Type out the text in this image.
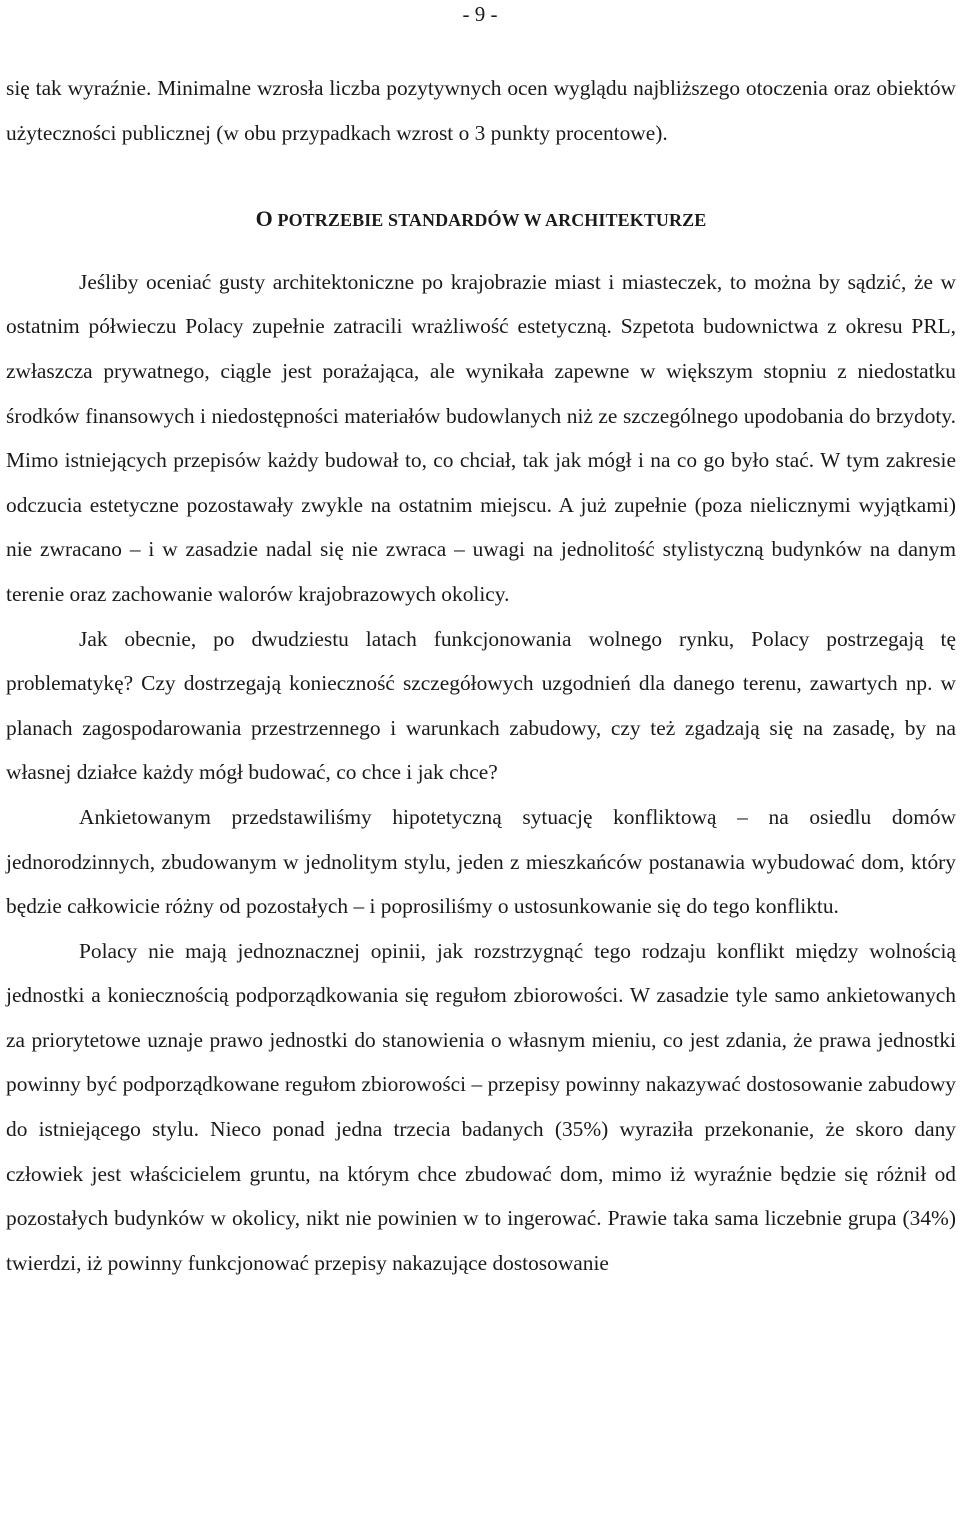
- 9 -

się tak wyraźnie. Minimalne wzrosła liczba pozytywnych ocen wyglądu najbliższego otoczenia oraz obiektów użyteczności publicznej (w obu przypadkach wzrost o 3 punkty procentowe).

O POTRZEBIE STANDARDÓW W ARCHITEKTURZE

Jeśliby oceniać gusty architektoniczne po krajobrazie miast i miasteczek, to można by sądzić, że w ostatnim półwieczu Polacy zupełnie zatracili wrażliwość estetyczną. Szpetota budownictwa z okresu PRL, zwłaszcza prywatnego, ciągle jest porażająca, ale wynikała zapewne w większym stopniu z niedostatku środków finansowych i niedostępności materiałów budowlanych niż ze szczególnego upodobania do brzydoty. Mimo istniejących przepisów każdy budował to, co chciał, tak jak mógł i na co go było stać. W tym zakresie odczucia estetyczne pozostawały zwykle na ostatnim miejscu. A już zupełnie (poza nielicznymi wyjątkami) nie zwracano – i w zasadzie nadal się nie zwraca – uwagi na jednolitość stylistyczną budynków na danym terenie oraz zachowanie walorów krajobrazowych okolicy.

Jak obecnie, po dwudziestu latach funkcjonowania wolnego rynku, Polacy postrzegają tę problematykę? Czy dostrzegają konieczność szczegółowych uzgodnień dla danego terenu, zawartych np. w planach zagospodarowania przestrzennego i warunkach zabudowy, czy też zgadzają się na zasadę, by na własnej działce każdy mógł budować, co chce i jak chce?

Ankietowanym przedstawiliśmy hipotetyczną sytuację konfliktową – na osiedlu domów jednorodzinnych, zbudowanym w jednolitym stylu, jeden z mieszkańców postanawia wybudować dom, który będzie całkowicie różny od pozostałych – i poprosiliśmy o ustosunkowanie się do tego konfliktu.

Polacy nie mają jednoznacznej opinii, jak rozstrzygnąć tego rodzaju konflikt między wolnością jednostki a koniecznością podporządkowania się regułom zbiorowości. W zasadzie tyle samo ankietowanych za priorytetowe uznaje prawo jednostki do stanowienia o własnym mieniu, co jest zdania, że prawa jednostki powinny być podporządkowane regułom zbiorowości – przepisy powinny nakazywać dostosowanie zabudowy do istniejącego stylu. Nieco ponad jedna trzecia badanych (35%) wyraziła przekonanie, że skoro dany człowiek jest właścicielem gruntu, na którym chce zbudować dom, mimo iż wyraźnie będzie się różnił od pozostałych budynków w okolicy, nikt nie powinien w to ingerować. Prawie taka sama liczebnie grupa (34%) twierdzi, iż powinny funkcjonować przepisy nakazujące dostosowanie
